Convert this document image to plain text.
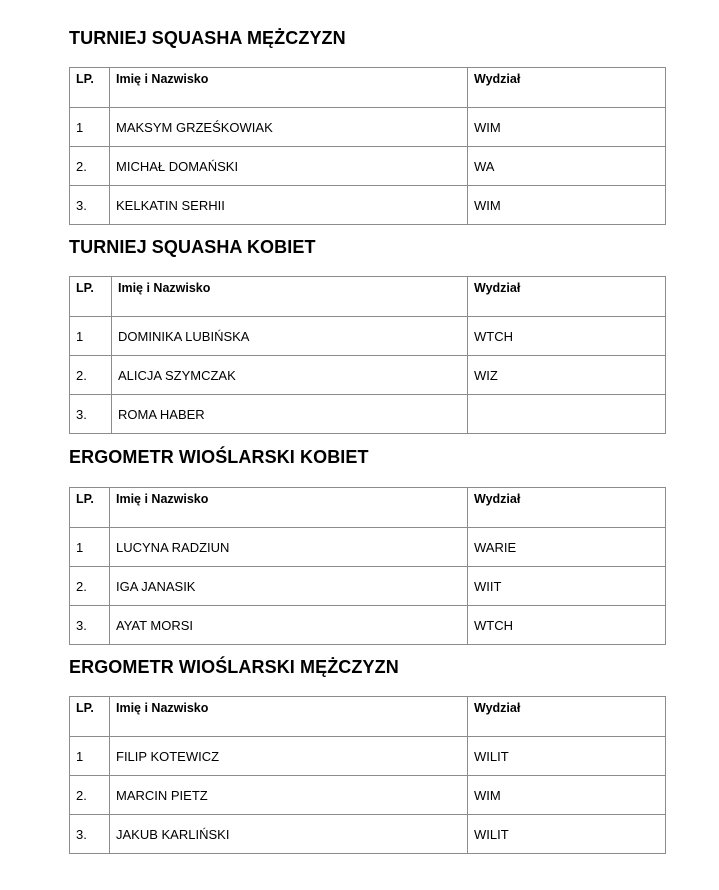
TURNIEJ SQUASHA MĘŻCZYZN
LP.	Imię i Nazwisko	Wydział
1	MAKSYM GRZEŚKOWIAK	WIM
2.	MICHAŁ DOMAŃSKI	WA
3.	KELKATIN SERHII	WIM
TURNIEJ SQUASHA KOBIET
LP.	Imię i Nazwisko	Wydział
1	DOMINIKA LUBIŃSKA	WTCH
2.	ALICJA SZYMCZAK	WIZ
3.	ROMA HABER	
ERGOMETR WIOŚLARSKI KOBIET
LP.	Imię i Nazwisko	Wydział
1	LUCYNA RADZIUN	WARIE
2.	IGA JANASIK	WIIT
3.	AYAT MORSI	WTCH
ERGOMETR WIOŚLARSKI MĘŻCZYZN
LP.	Imię i Nazwisko	Wydział
1	FILIP KOTEWICZ	WILIT
2.	MARCIN PIETZ	WIM
3.	JAKUB KARLIŃSKI	WILIT
